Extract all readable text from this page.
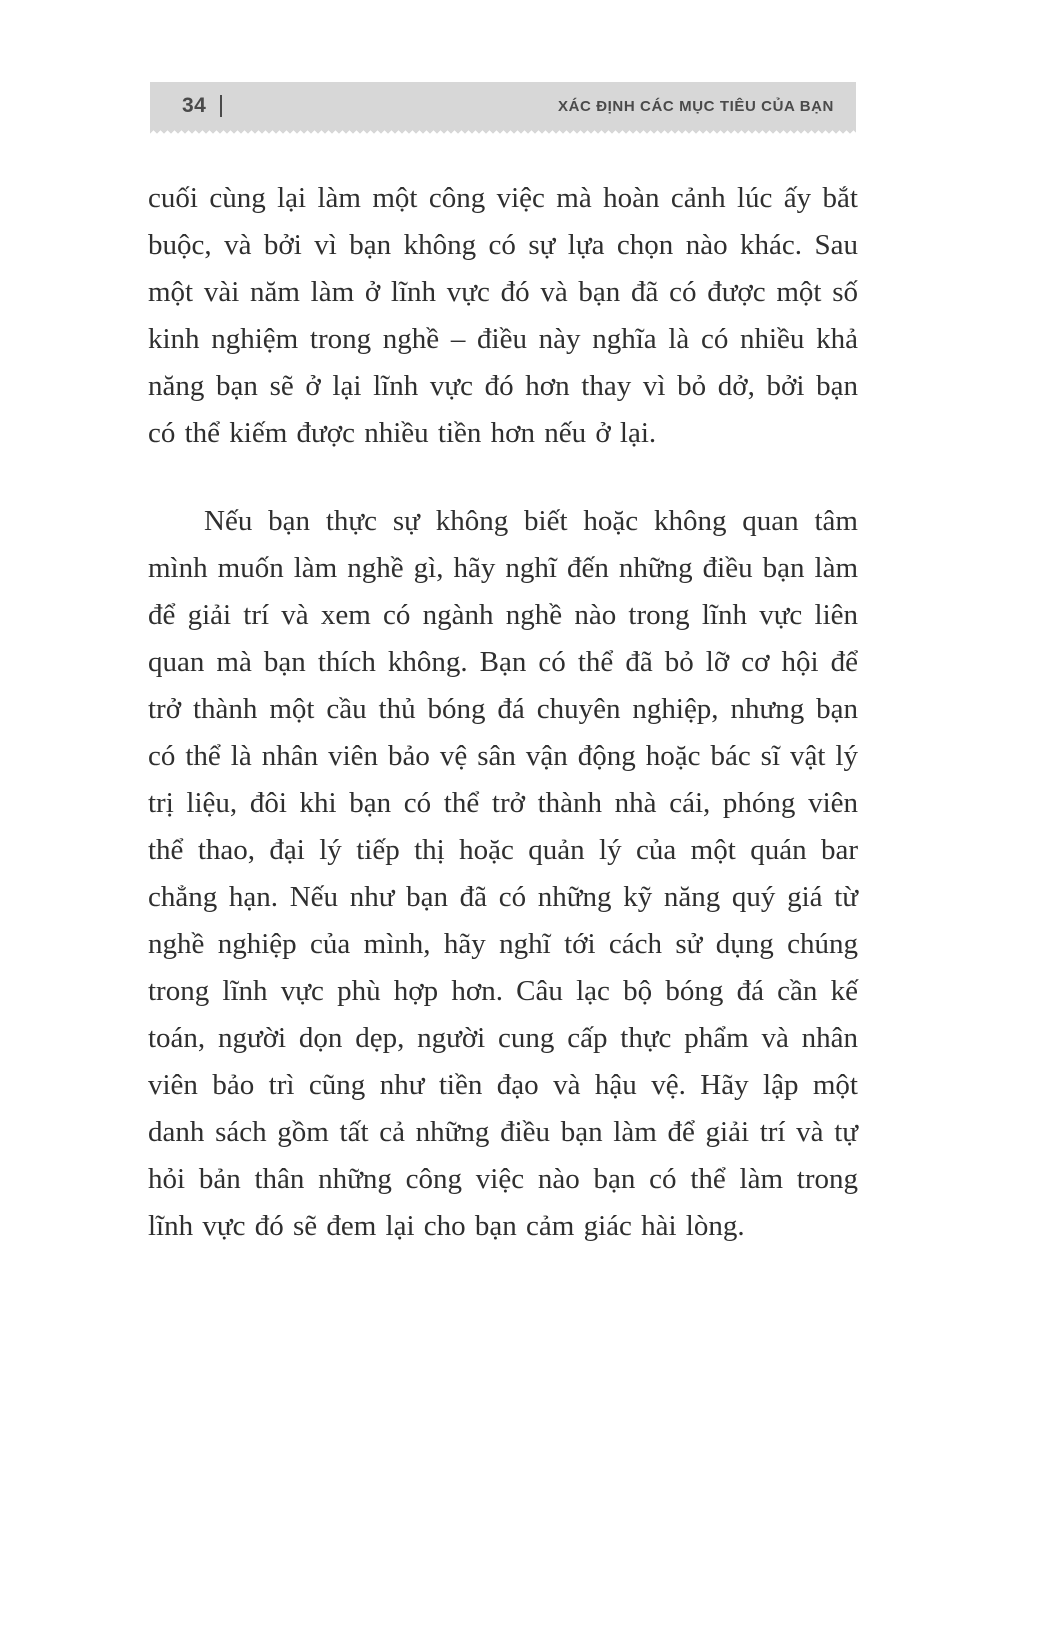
34	XÁC ĐỊNH CÁC MỤC TIÊU CỦA BẠN

cuối cùng lại làm một công việc mà hoàn cảnh lúc ấy bắt buộc, và bởi vì bạn không có sự lựa chọn nào khác. Sau một vài năm làm ở lĩnh vực đó và bạn đã có được một số kinh nghiệm trong nghề – điều này nghĩa là có nhiều khả năng bạn sẽ ở lại lĩnh vực đó hơn thay vì bỏ dở, bởi bạn có thể kiếm được nhiều tiền hơn nếu ở lại.

Nếu bạn thực sự không biết hoặc không quan tâm mình muốn làm nghề gì, hãy nghĩ đến những điều bạn làm để giải trí và xem có ngành nghề nào trong lĩnh vực liên quan mà bạn thích không. Bạn có thể đã bỏ lỡ cơ hội để trở thành một cầu thủ bóng đá chuyên nghiệp, nhưng bạn có thể là nhân viên bảo vệ sân vận động hoặc bác sĩ vật lý trị liệu, đôi khi bạn có thể trở thành nhà cái, phóng viên thể thao, đại lý tiếp thị hoặc quản lý của một quán bar chẳng hạn. Nếu như bạn đã có những kỹ năng quý giá từ nghề nghiệp của mình, hãy nghĩ tới cách sử dụng chúng trong lĩnh vực phù hợp hơn. Câu lạc bộ bóng đá cần kế toán, người dọn dẹp, người cung cấp thực phẩm và nhân viên bảo trì cũng như tiền đạo và hậu vệ. Hãy lập một danh sách gồm tất cả những điều bạn làm để giải trí và tự hỏi bản thân những công việc nào bạn có thể làm trong lĩnh vực đó sẽ đem lại cho bạn cảm giác hài lòng.
